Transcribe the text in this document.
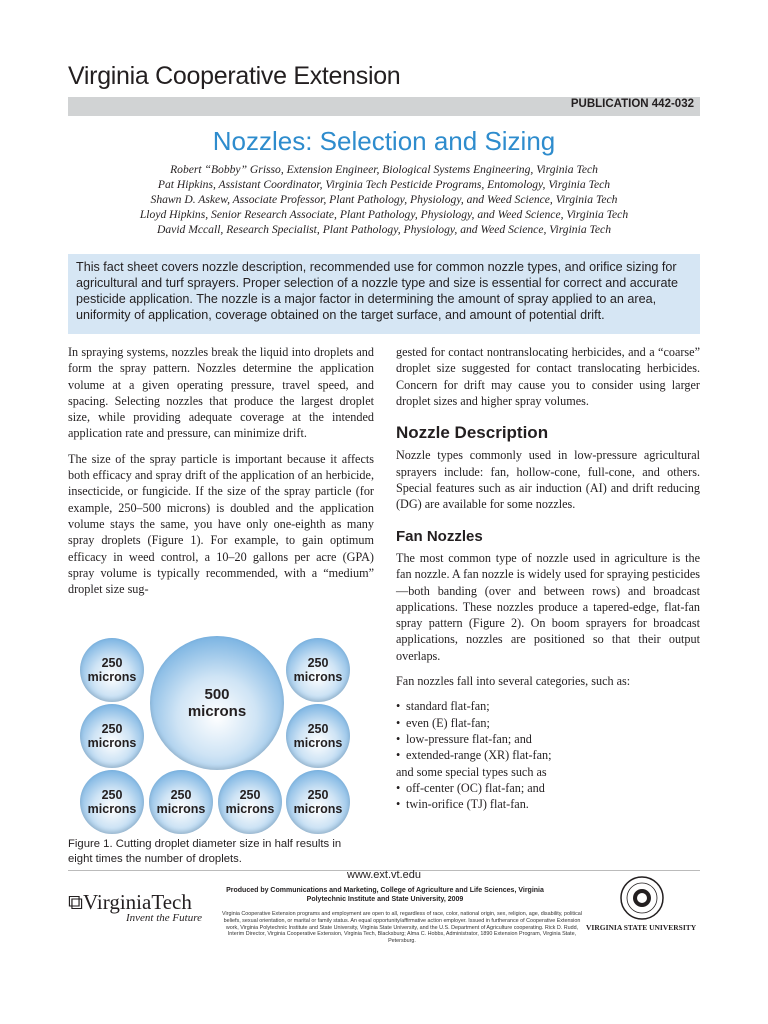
Virginia Cooperative Extension
PUBLICATION 442-032
Nozzles: Selection and Sizing
Robert “Bobby” Grisso, Extension Engineer, Biological Systems Engineering, Virginia Tech
Pat Hipkins, Assistant Coordinator, Virginia Tech Pesticide Programs, Entomology, Virginia Tech
Shawn D. Askew, Associate Professor, Plant Pathology, Physiology, and Weed Science, Virginia Tech
Lloyd Hipkins, Senior Research Associate, Plant Pathology, Physiology, and Weed Science, Virginia Tech
David Mccall, Research Specialist, Plant Pathology, Physiology, and Weed Science, Virginia Tech
This fact sheet covers nozzle description, recommended use for common nozzle types, and orifice sizing for agricultural and turf sprayers. Proper selection of a nozzle type and size is essential for correct and accurate pesticide application. The nozzle is a major factor in determining the amount of spray applied to an area, uniformity of application, coverage obtained on the target surface, and amount of potential drift.

In spraying systems, nozzles break the liquid into droplets and form the spray pattern. Nozzles determine the application volume at a given operating pressure, travel speed, and spacing. Selecting nozzles that produce the largest droplet size, while providing adequate coverage at the intended application rate and pressure, can minimize drift.

The size of the spray particle is important because it affects both efficacy and spray drift of the application of an herbicide, insecticide, or fungicide. If the size of the spray particle (for example, 250–500 microns) is doubled and the application volume stays the same, you have only one-eighth as many spray droplets (Figure 1). For example, to gain optimum efficacy in weed control, a 10–20 gallons per acre (GPA) spray volume is typically recommended, with a “medium” droplet size sug-

250
microns
500
microns
250
microns
250
microns
250
microns
250
microns
250
microns
250
microns
250
microns
Figure 1. Cutting droplet diameter size in half results in eight times the number of droplets.

gested for contact nontranslocating herbicides, and a “coarse” droplet size suggested for contact translocating herbicides. Concern for drift may cause you to consider using larger droplet sizes and higher spray volumes.

Nozzle Description

Nozzle types commonly used in low-pressure agricultural sprayers include: fan, hollow-cone, full-cone, and others. Special features such as air induction (AI) and drift reducing (DG) are available for some nozzles.

Fan Nozzles

The most common type of nozzle used in agriculture is the fan nozzle. A fan nozzle is widely used for spraying pesticides—both banding (over and between rows) and broadcast applications. These nozzles produce a tapered-edge, flat-fan spray pattern (Figure 2). On boom sprayers for broadcast applications, nozzles are positioned so that their output overlaps.

Fan nozzles fall into several categories, such as:

• standard flat-fan;
• even (E) flat-fan;
• low-pressure flat-fan; and
• extended-range (XR) flat-fan;
and some special types such as
• off-center (OC) flat-fan; and
• twin-orifice (TJ) flat-fan.
www.ext.vt.edu
Produced by Communications and Marketing, College of Agriculture and Life Sciences, Virginia Polytechnic Institute and State University, 2009
Virginia Cooperative Extension programs and employment are open to all, regardless of race, color, national origin, sex, religion, age, disability, political beliefs, sexual orientation, or marital or family status. An equal opportunity/affirmative action employer. Issued in furtherance of Cooperative Extension work, Virginia Polytechnic Institute and State University, Virginia State University, and the U.S. Department of Agriculture cooperating. Rick D. Rudd, Interim Director, Virginia Cooperative Extension, Virginia Tech, Blacksburg; Alma C. Hobbs, Administrator, 1890 Extension Program, Virginia State, Petersburg.
⧉VirginiaTech
Invent the Future
VIRGINIA STATE UNIVERSITY
